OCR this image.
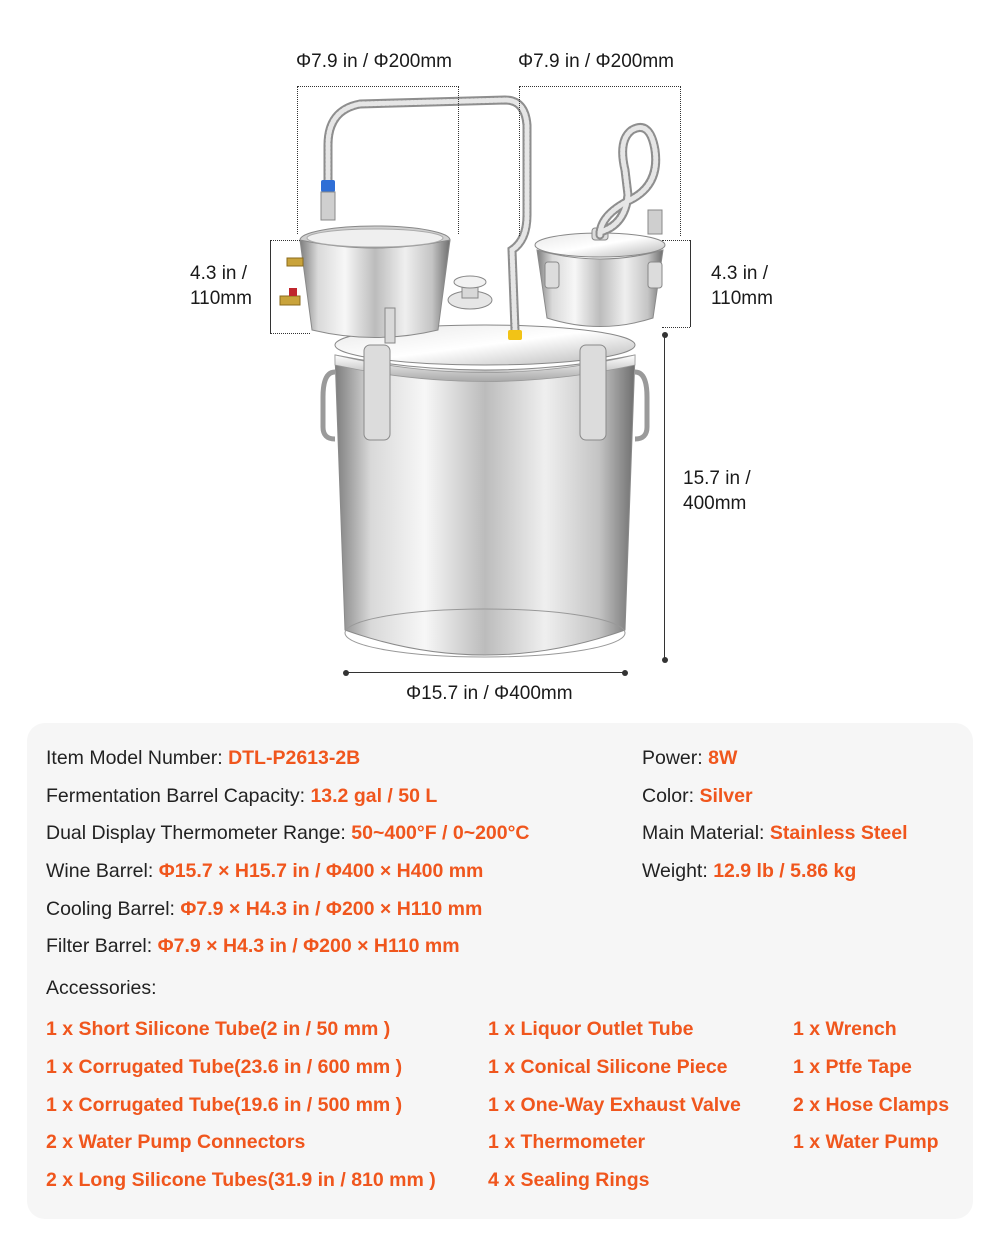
Φ7.9 in / Φ200mm	Φ7.9 in / Φ200mm
4.3 in /
110mm
4.3 in /
110mm
15.7 in /
400mm
Φ15.7 in / Φ400mm
Item Model Number: DTL-P2613-2B
Fermentation Barrel Capacity: 13.2 gal / 50 L
Dual Display Thermometer Range: 50~400°F / 0~200°C
Wine Barrel: Φ15.7 × H15.7 in / Φ400 × H400 mm
Cooling Barrel: Φ7.9 × H4.3 in / Φ200 × H110 mm
Filter Barrel: Φ7.9 × H4.3 in / Φ200 × H110 mm
Power: 8W
Color: Silver
Main Material: Stainless Steel
Weight: 12.9 lb / 5.86 kg
Accessories:
1 x Short Silicone Tube(2 in / 50 mm )
1 x Corrugated Tube(23.6 in / 600 mm )
1 x Corrugated Tube(19.6 in / 500 mm )
2 x Water Pump Connectors
2 x Long Silicone Tubes(31.9 in / 810 mm )
1 x Liquor Outlet Tube
1 x Conical Silicone Piece
1 x One-Way Exhaust Valve
1 x Thermometer
4 x Sealing Rings
1 x Wrench
1 x Ptfe Tape
2 x Hose Clamps
1 x Water Pump
